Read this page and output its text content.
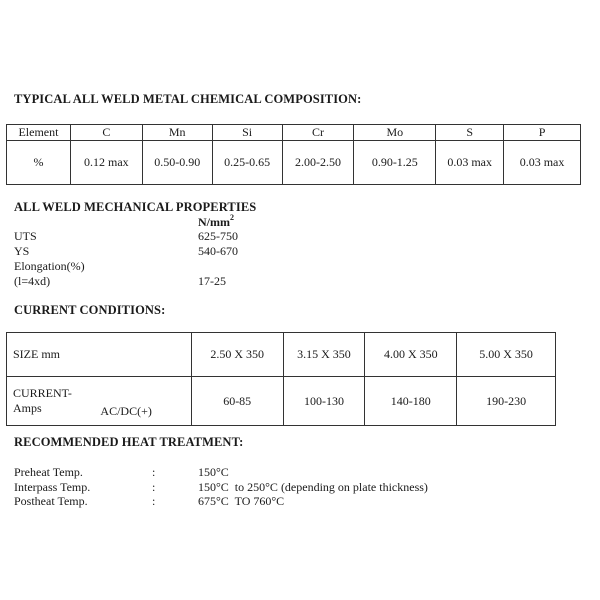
TYPICAL ALL WELD METAL CHEMICAL COMPOSITION:
Element	C	Mn	Si	Cr	Mo	S	P
%	0.12 max	0.50-0.90	0.25-0.65	2.00-2.50	0.90-1.25	0.03 max	0.03 max
ALL WELD MECHANICAL PROPERTIES
$N/mm^2$
UTS	625-750
YS	540-670
Elongation(%)
(l=4xd)	17-25
CURRENT CONDITIONS:
SIZE mm		2.50 X 350	3.15 X 350	4.00 X 350	5.00 X 350

CURRENT-
Amps	AC/DC(+)	60-85	100-130	140-180	190-230
RECOMMENDED HEAT TREATMENT:
Preheat Temp.	:	150°C
Interpass Temp.	:	150°C  to 250°C (depending on plate thickness)
Postheat Temp.	:	675°C  TO 760°C
